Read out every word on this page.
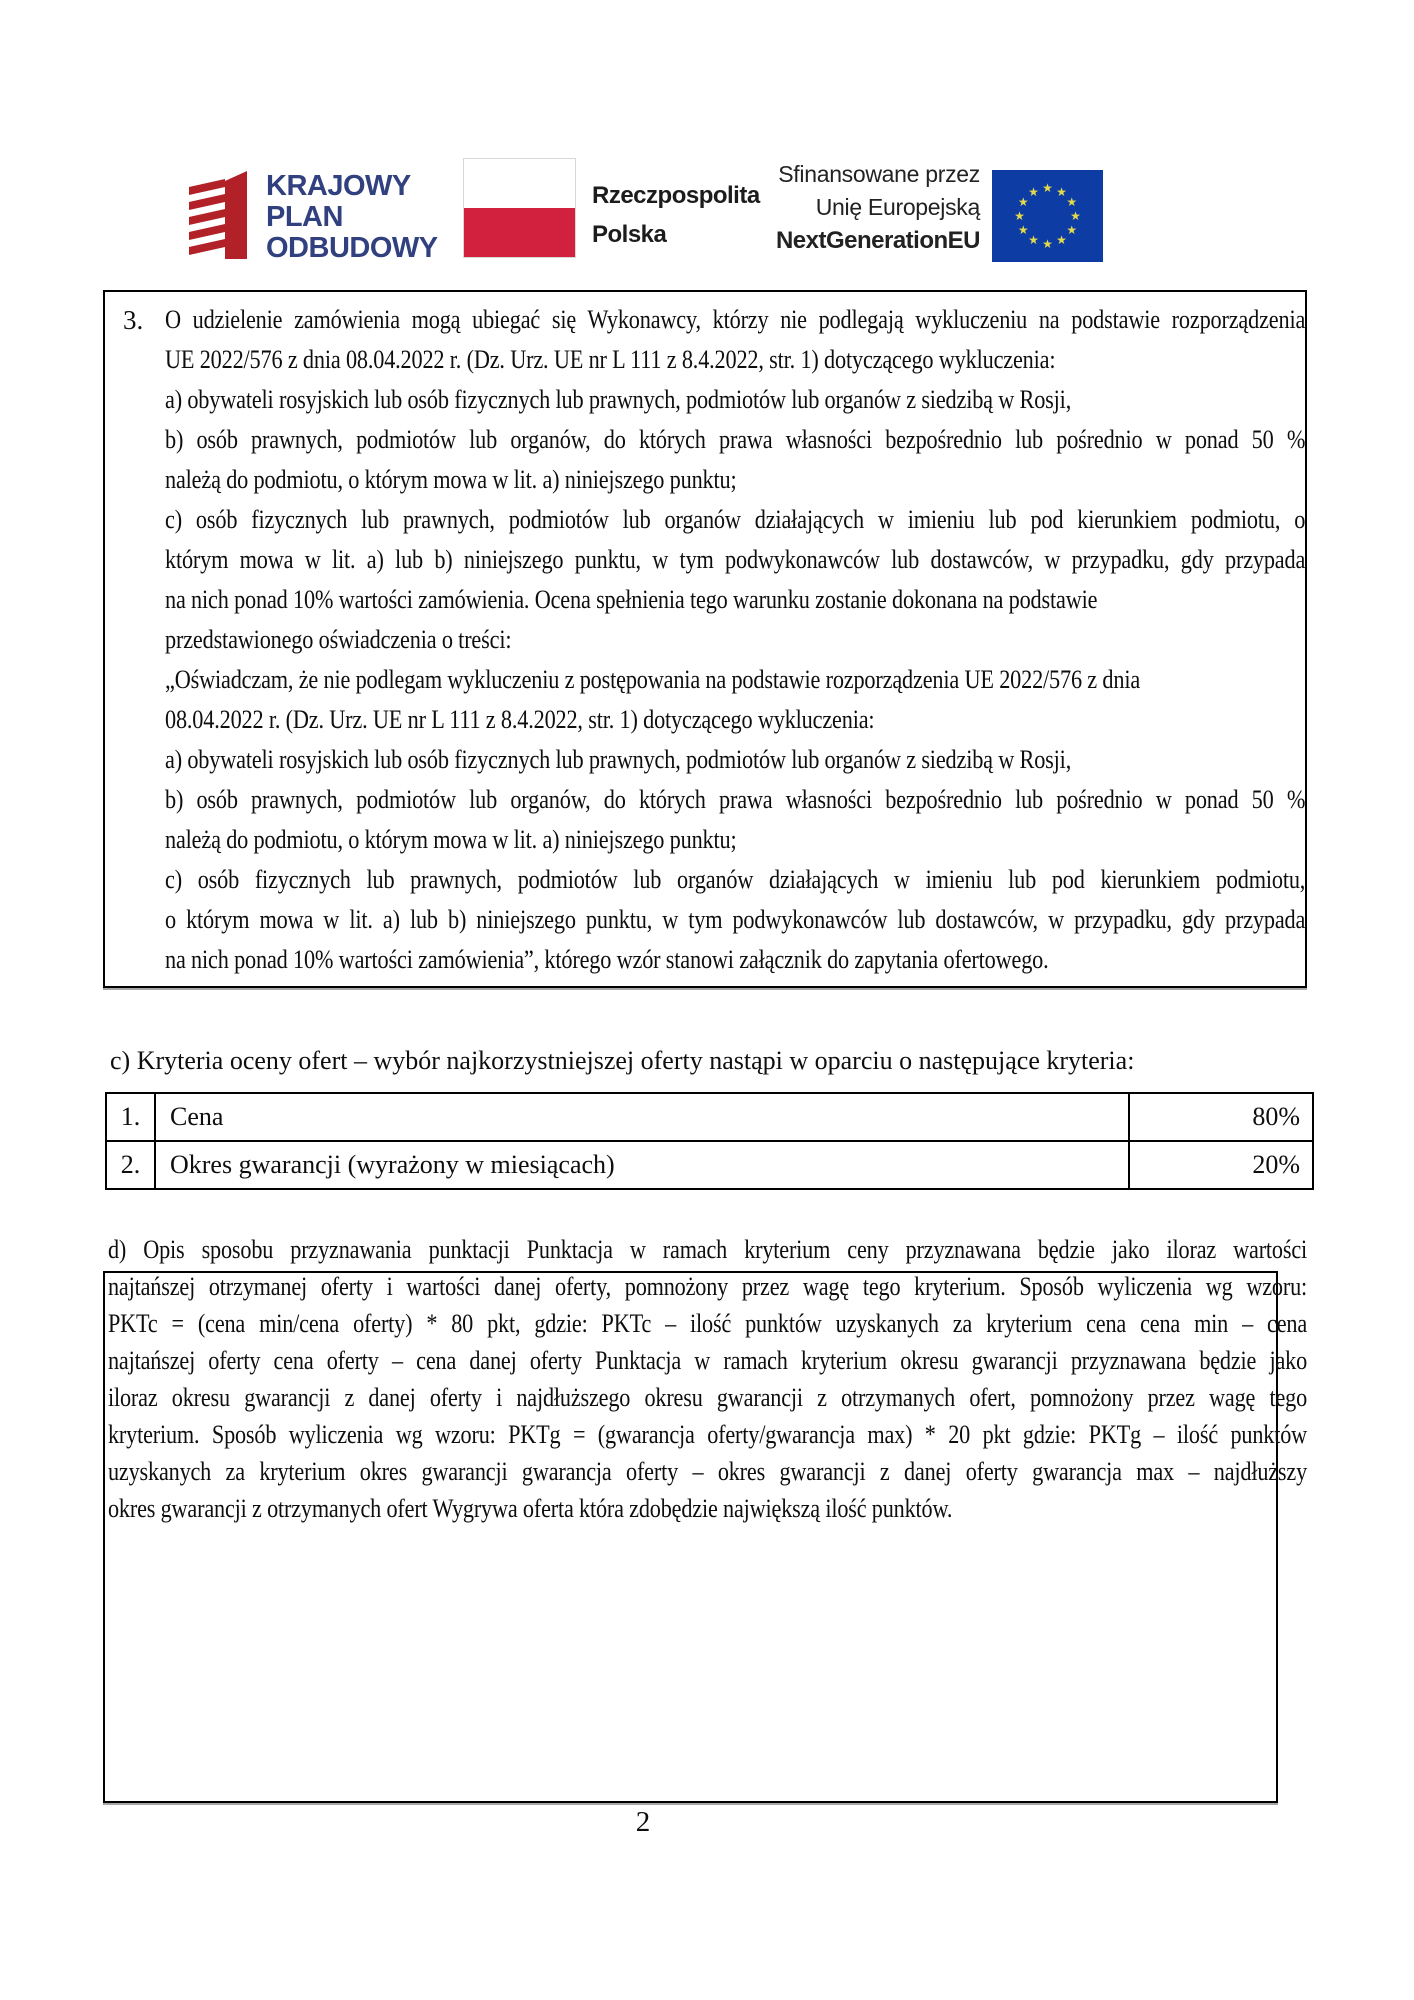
KRAJOWY
PLAN
ODBUDOWY
Rzeczpospolita
Polska
Sfinansowane przez
Unię Europejską
NextGenerationEU
★ ★
★
★
★
★
★
★
★
★
★
★
3. O udzielenie zamówienia mogą ubiegać się Wykonawcy, którzy nie podlegają wykluczeniu na podstawie rozporządzenia
UE 2022/576 z dnia 08.04.2022 r. (Dz. Urz. UE nr L 111 z 8.4.2022, str. 1) dotyczącego wykluczenia:
a) obywateli rosyjskich lub osób fizycznych lub prawnych, podmiotów lub organów z siedzibą w Rosji,
b) osób prawnych, podmiotów lub organów, do których prawa własności bezpośrednio lub pośrednio w ponad 50 %
należą do podmiotu, o którym mowa w lit. a) niniejszego punktu;
c) osób fizycznych lub prawnych, podmiotów lub organów działających w imieniu lub pod kierunkiem podmiotu, o
którym mowa w lit. a) lub b) niniejszego punktu, w tym podwykonawców lub dostawców, w przypadku, gdy przypada
na nich ponad 10% wartości zamówienia. Ocena spełnienia tego warunku zostanie dokonana na podstawie
przedstawionego oświadczenia o treści:
„Oświadczam, że nie podlegam wykluczeniu z postępowania na podstawie rozporządzenia UE 2022/576 z dnia
08.04.2022 r. (Dz. Urz. UE nr L 111 z 8.4.2022, str. 1) dotyczącego wykluczenia:
a) obywateli rosyjskich lub osób fizycznych lub prawnych, podmiotów lub organów z siedzibą w Rosji,
b) osób prawnych, podmiotów lub organów, do których prawa własności bezpośrednio lub pośrednio w ponad 50 %
należą do podmiotu, o którym mowa w lit. a) niniejszego punktu;
c) osób fizycznych lub prawnych, podmiotów lub organów działających w imieniu lub pod kierunkiem podmiotu,
o którym mowa w lit. a) lub b) niniejszego punktu, w tym podwykonawców lub dostawców, w przypadku, gdy przypada
na nich ponad 10% wartości zamówienia”, którego wzór stanowi załącznik do zapytania ofertowego.
c) Kryteria oceny ofert – wybór najkorzystniejszej oferty nastąpi w oparciu o następujące kryteria:
1.	Cena	80%
2.	Okres gwarancji (wyrażony w miesiącach)	20%
d) Opis sposobu przyznawania punktacji Punktacja w ramach kryterium ceny przyznawana będzie jako iloraz wartości
najtańszej otrzymanej oferty i wartości danej oferty, pomnożony przez wagę tego kryterium. Sposób wyliczenia wg wzoru:
PKTc = (cena min/cena oferty) * 80 pkt, gdzie: PKTc – ilość punktów uzyskanych za kryterium cena cena min – cena
najtańszej oferty cena oferty – cena danej oferty Punktacja w ramach kryterium okresu gwarancji przyznawana będzie jako
iloraz okresu gwarancji z danej oferty i najdłuższego okresu gwarancji z otrzymanych ofert, pomnożony przez wagę tego
kryterium. Sposób wyliczenia wg wzoru: PKTg = (gwarancja oferty/gwarancja max) * 20 pkt gdzie: PKTg – ilość punktów
uzyskanych za kryterium okres gwarancji gwarancja oferty – okres gwarancji z danej oferty gwarancja max – najdłuższy
okres gwarancji z otrzymanych ofert Wygrywa oferta która zdobędzie największą ilość punktów.
2
